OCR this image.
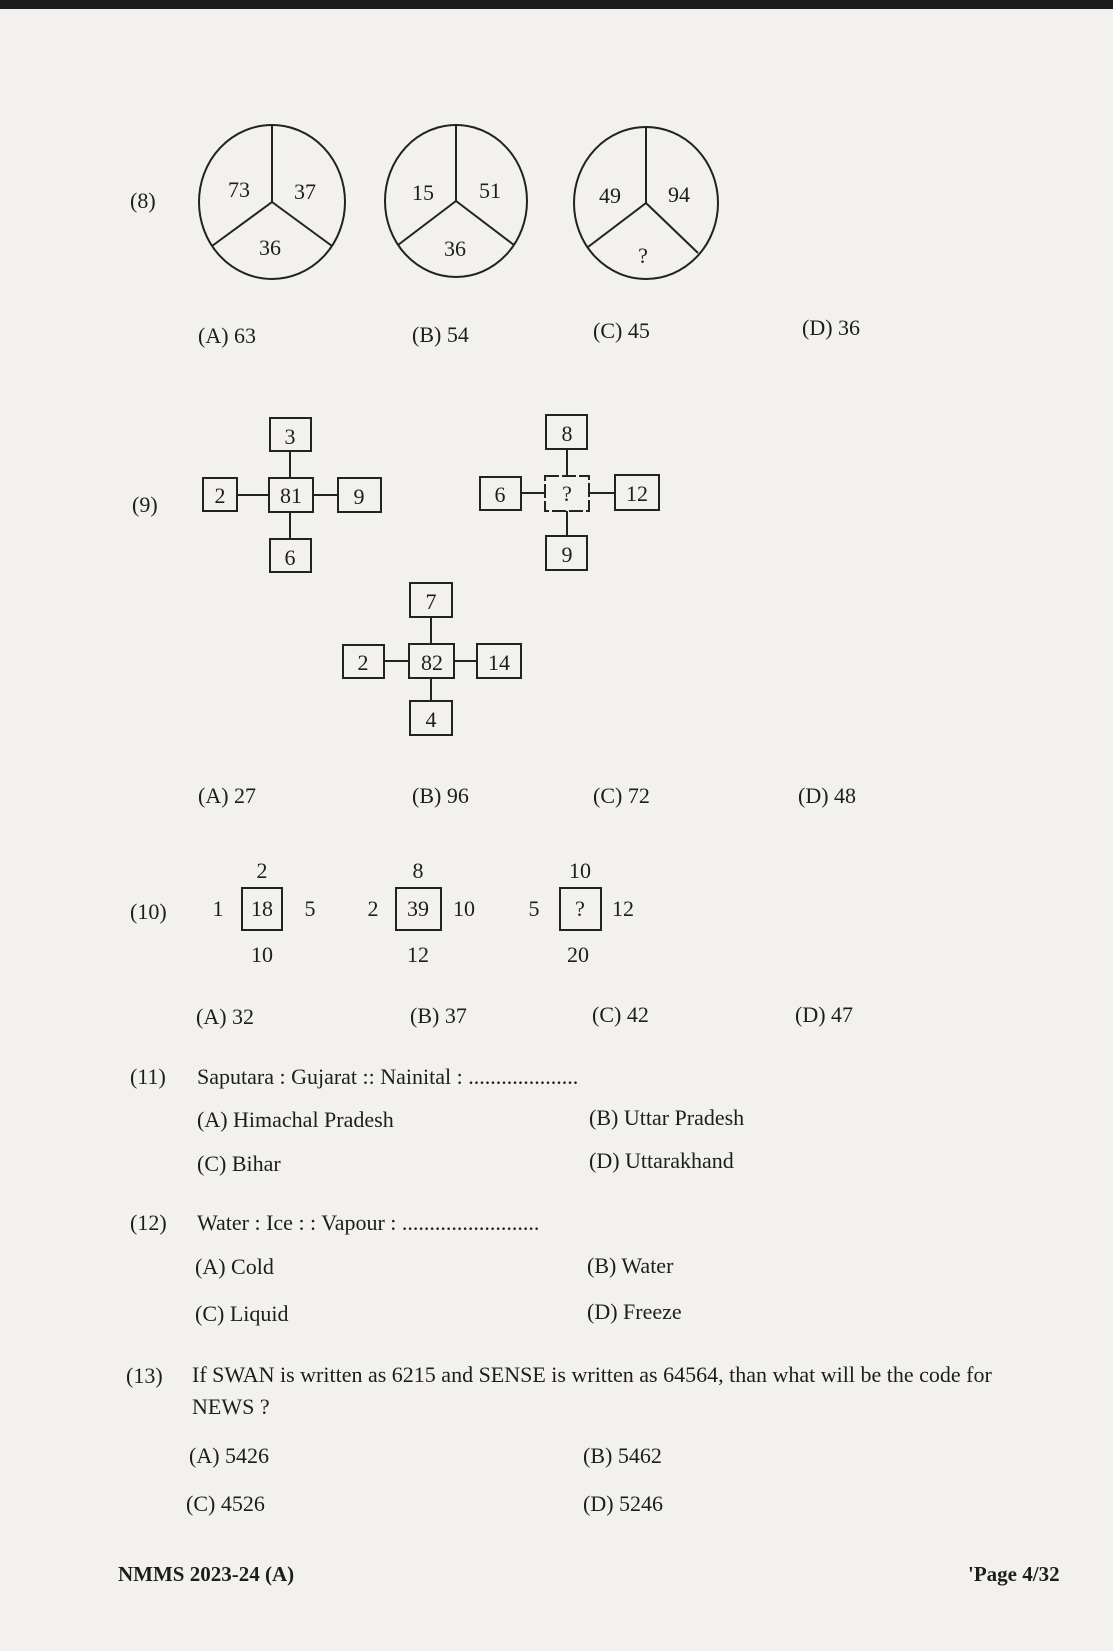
(8)	73 37
36
15 51
36
49 94
?
(A) 63	(B) 54	(C) 45	(D) 36
(9)
3
2 81 9
6
8
6	? 12
9
7
2 82 14
4
(A) 27	(B) 96	(C) 72	(D) 48
(10)
2
1 18 5
10
8
2 39 10
12
10
5 ? 12
20
(A) 32	(B) 37	(C) 42	(D) 47
(11) Saputara : Gujarat :: Nainital : ....................
(A) Himachal Pradesh	(B) Uttar Pradesh
(C) Bihar	(D) Uttarakhand
(12) Water : Ice : : Vapour : .........................
(A) Cold	(B) Water
(C) Liquid	(D) Freeze
(13) If SWAN is written as 6215 and SENSE is written as 64564, than what will be the code for
NEWS ?
(A) 5426	(B) 5462
(C) 4526	(D) 5246
NMMS 2023-24 (A)	'Page 4/32
